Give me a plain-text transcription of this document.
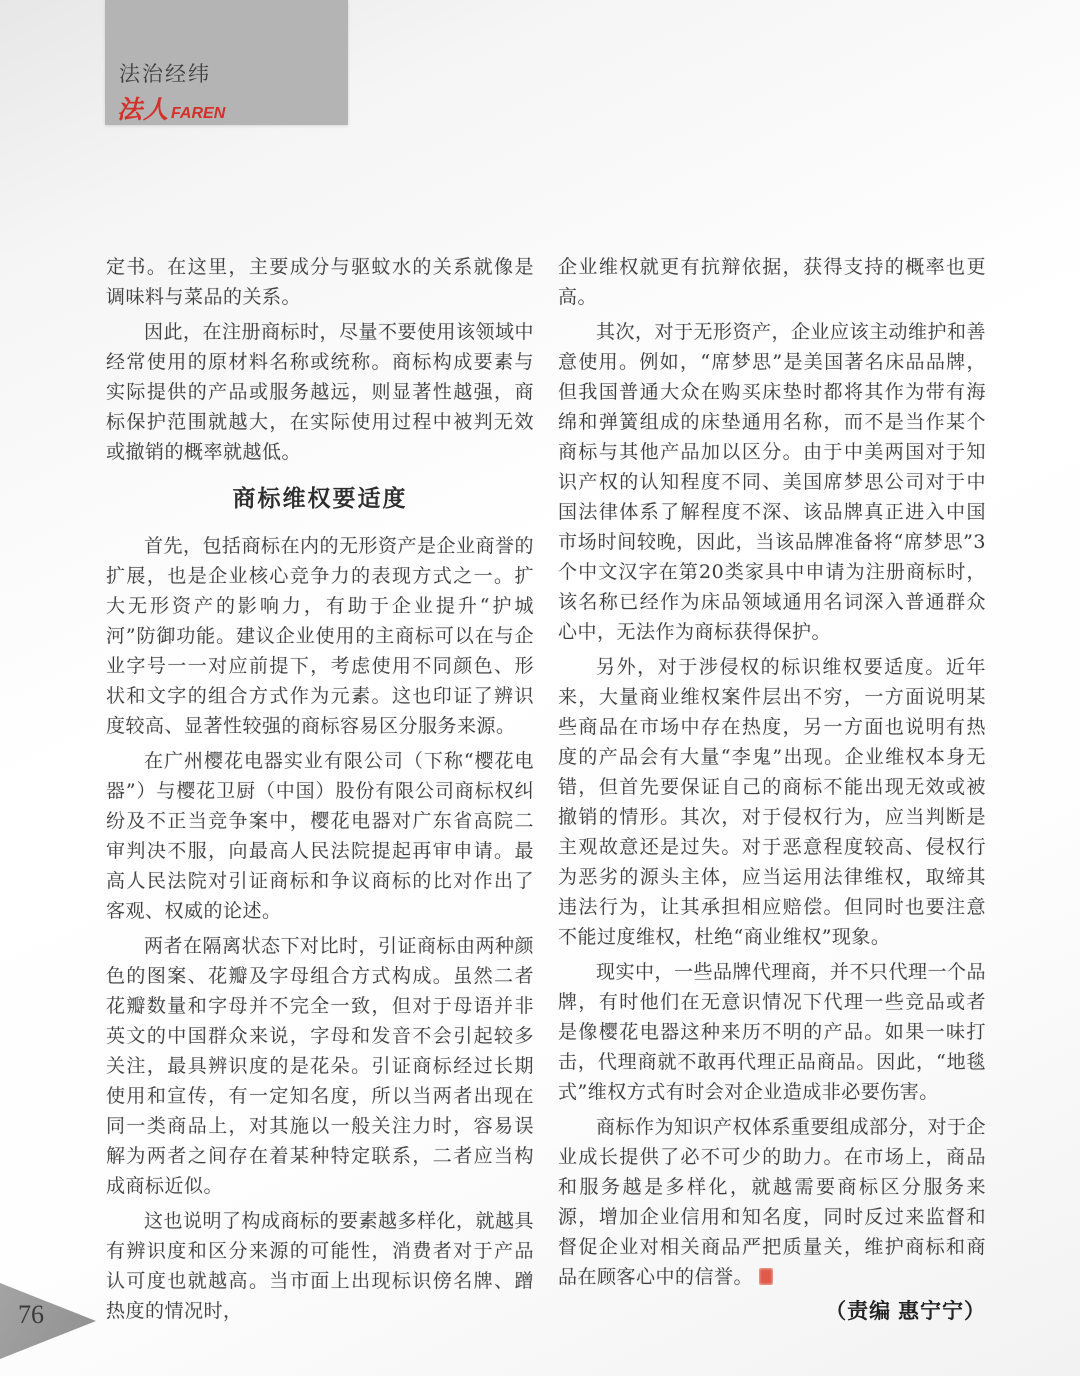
法治经纬
法人 FAREN

定书。在这里，主要成分与驱蚊水的关系就像是调味料与菜品的关系。

因此，在注册商标时，尽量不要使用该领域中经常使用的原材料名称或统称。商标构成要素与实际提供的产品或服务越远，则显著性越强，商标保护范围就越大，在实际使用过程中被判无效或撤销的概率就越低。

商标维权要适度

首先，包括商标在内的无形资产是企业商誉的扩展，也是企业核心竞争力的表现方式之一。扩大无形资产的影响力，有助于企业提升“护城河”防御功能。建议企业使用的主商标可以在与企业字号一一对应前提下，考虑使用不同颜色、形状和文字的组合方式作为元素。这也印证了辨识度较高、显著性较强的商标容易区分服务来源。

在广州樱花电器实业有限公司（下称“樱花电器”）与樱花卫厨（中国）股份有限公司商标权纠纷及不正当竞争案中，樱花电器对广东省高院二审判决不服，向最高人民法院提起再审申请。最高人民法院对引证商标和争议商标的比对作出了客观、权威的论述。

两者在隔离状态下对比时，引证商标由两种颜色的图案、花瓣及字母组合方式构成。虽然二者花瓣数量和字母并不完全一致，但对于母语并非英文的中国群众来说，字母和发音不会引起较多关注，最具辨识度的是花朵。引证商标经过长期使用和宣传，有一定知名度，所以当两者出现在同一类商品上，对其施以一般关注力时，容易误解为两者之间存在着某种特定联系，二者应当构成商标近似。

这也说明了构成商标的要素越多样化，就越具有辨识度和区分来源的可能性，消费者对于产品认可度也就越高。当市面上出现标识傍名牌、蹭热度的情况时，

企业维权就更有抗辩依据，获得支持的概率也更高。

其次，对于无形资产，企业应该主动维护和善意使用。例如，“席梦思”是美国著名床品品牌，但我国普通大众在购买床垫时都将其作为带有海绵和弹簧组成的床垫通用名称，而不是当作某个商标与其他产品加以区分。由于中美两国对于知识产权的认知程度不同、美国席梦思公司对于中国法律体系了解程度不深、该品牌真正进入中国市场时间较晚，因此，当该品牌准备将“席梦思”3个中文汉字在第20类家具中申请为注册商标时，该名称已经作为床品领域通用名词深入普通群众心中，无法作为商标获得保护。

另外，对于涉侵权的标识维权要适度。近年来，大量商业维权案件层出不穷，一方面说明某些商品在市场中存在热度，另一方面也说明有热度的产品会有大量“李鬼”出现。企业维权本身无错，但首先要保证自己的商标不能出现无效或被撤销的情形。其次，对于侵权行为，应当判断是主观故意还是过失。对于恶意程度较高、侵权行为恶劣的源头主体，应当运用法律维权，取缔其违法行为，让其承担相应赔偿。但同时也要注意不能过度维权，杜绝“商业维权”现象。

现实中，一些品牌代理商，并不只代理一个品牌，有时他们在无意识情况下代理一些竞品或者是像樱花电器这种来历不明的产品。如果一味打击，代理商就不敢再代理正品商品。因此，“地毯式”维权方式有时会对企业造成非必要伤害。

商标作为知识产权体系重要组成部分，对于企业成长提供了必不可少的助力。在市场上，商品和服务越是多样化，就越需要商标区分服务来源，增加企业信用和知名度，同时反过来监督和督促企业对相关商品严把质量关，维护商标和商品在顾客心中的信誉。

（责编 惠宁宁）

76
